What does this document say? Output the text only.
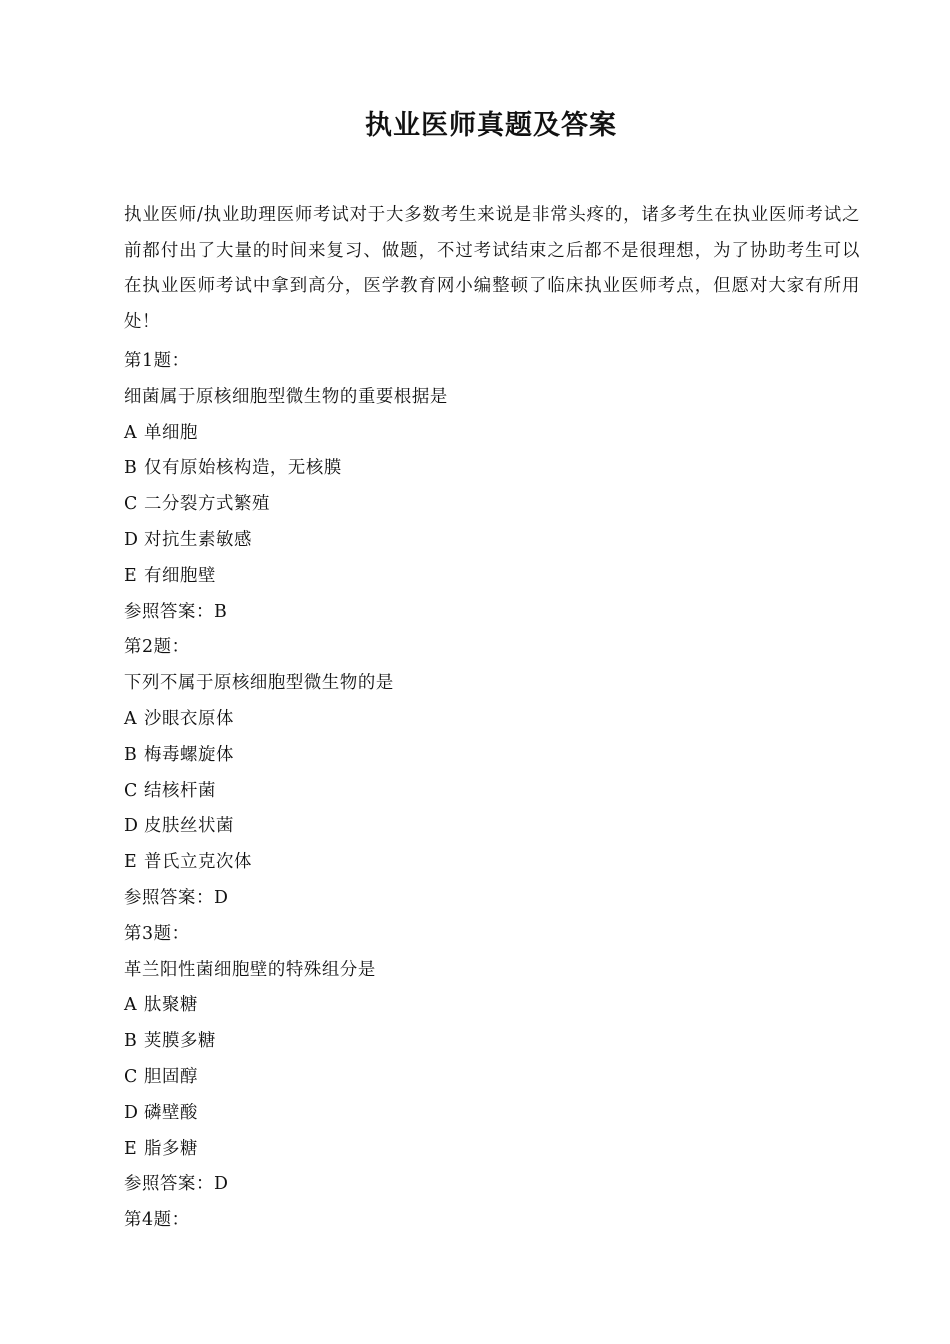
执业医师真题及答案

执业医师/执业助理医师考试对于大多数考生来说是非常头疼的，诸多考生在执业医师考试之前都付出了大量的时间来复习、做题，不过考试结束之后都不是很理想，为了协助考生可以在执业医师考试中拿到高分，医学教育网小编整顿了临床执业医师考点，但愿对大家有所用处！

第1题：
细菌属于原核细胞型微生物的重要根据是
A 单细胞
B 仅有原始核构造，无核膜
C 二分裂方式繁殖
D 对抗生素敏感
E 有细胞壁
参照答案：B
第2题：
下列不属于原核细胞型微生物的是
A 沙眼衣原体
B 梅毒螺旋体
C 结核杆菌
D 皮肤丝状菌
E 普氏立克次体
参照答案：D
第3题：
革兰阳性菌细胞壁的特殊组分是
A 肽聚糖
B 荚膜多糖
C 胆固醇
D 磷壁酸
E 脂多糖
参照答案：D
第4题：
